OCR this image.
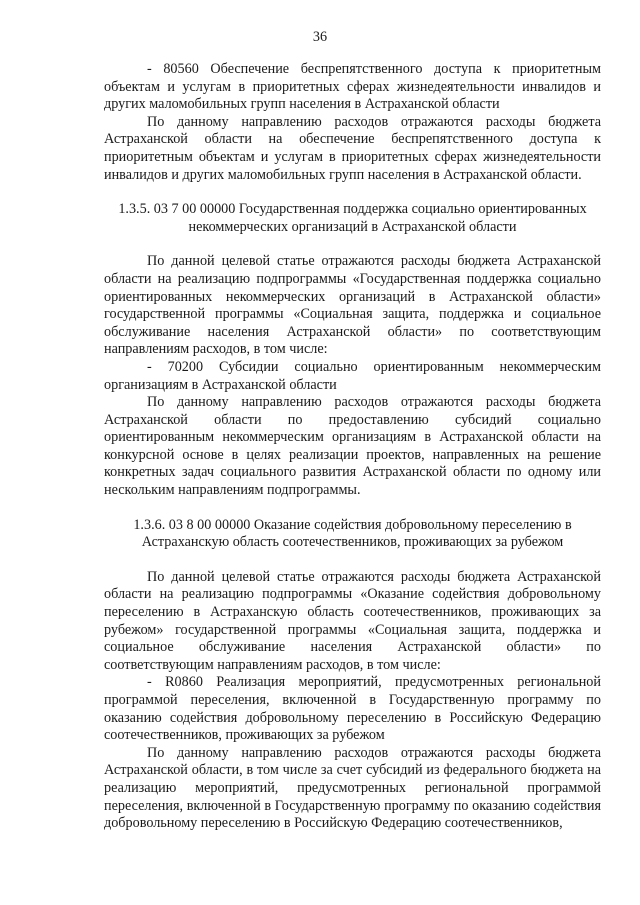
36

- 80560 Обеспечение беспрепятственного доступа к приоритетным объектам и услугам в приоритетных сферах жизнедеятельности инвалидов и других маломобильных групп населения в Астраханской области

По данному направлению расходов отражаются расходы бюджета Астраханской области на обеспечение беспрепятственного доступа к приоритетным объектам и услугам в приоритетных сферах жизнедеятельности инвалидов и других маломобильных групп населения в Астраханской области.

1.3.5. 03 7 00 00000 Государственная поддержка социально ориентированных некоммерческих организаций в Астраханской области

По данной целевой статье отражаются расходы бюджета Астраханской области на реализацию подпрограммы «Государственная поддержка социально ориентированных некоммерческих организаций в Астраханской области» государственной программы «Социальная защита, поддержка и социальное обслуживание населения Астраханской области» по соответствующим направлениям расходов, в том числе:

- 70200 Субсидии социально ориентированным некоммерческим организациям в Астраханской области

По данному направлению расходов отражаются расходы бюджета Астраханской области по предоставлению субсидий социально ориентированным некоммерческим организациям в Астраханской области на конкурсной основе в целях реализации проектов, направленных на решение конкретных задач социального развития Астраханской области по одному или нескольким направлениям подпрограммы.

1.3.6. 03 8 00 00000 Оказание содействия добровольному переселению в Астраханскую область соотечественников, проживающих за рубежом

По данной целевой статье отражаются расходы бюджета Астраханской области на реализацию подпрограммы «Оказание содействия добровольному переселению в Астраханскую область соотечественников, проживающих за рубежом» государственной программы «Социальная защита, поддержка и социальное обслуживание населения Астраханской области» по соответствующим направлениям расходов, в том числе:

- R0860 Реализация мероприятий, предусмотренных региональной программой переселения, включенной в Государственную программу по оказанию содействия добровольному переселению в Российскую Федерацию соотечественников, проживающих за рубежом

По данному направлению расходов отражаются расходы бюджета Астраханской области, в том числе за счет субсидий из федерального бюджета на реализацию мероприятий, предусмотренных региональной программой переселения, включенной в Государственную программу по оказанию содействия добровольному переселению в Российскую Федерацию соотечественников,
